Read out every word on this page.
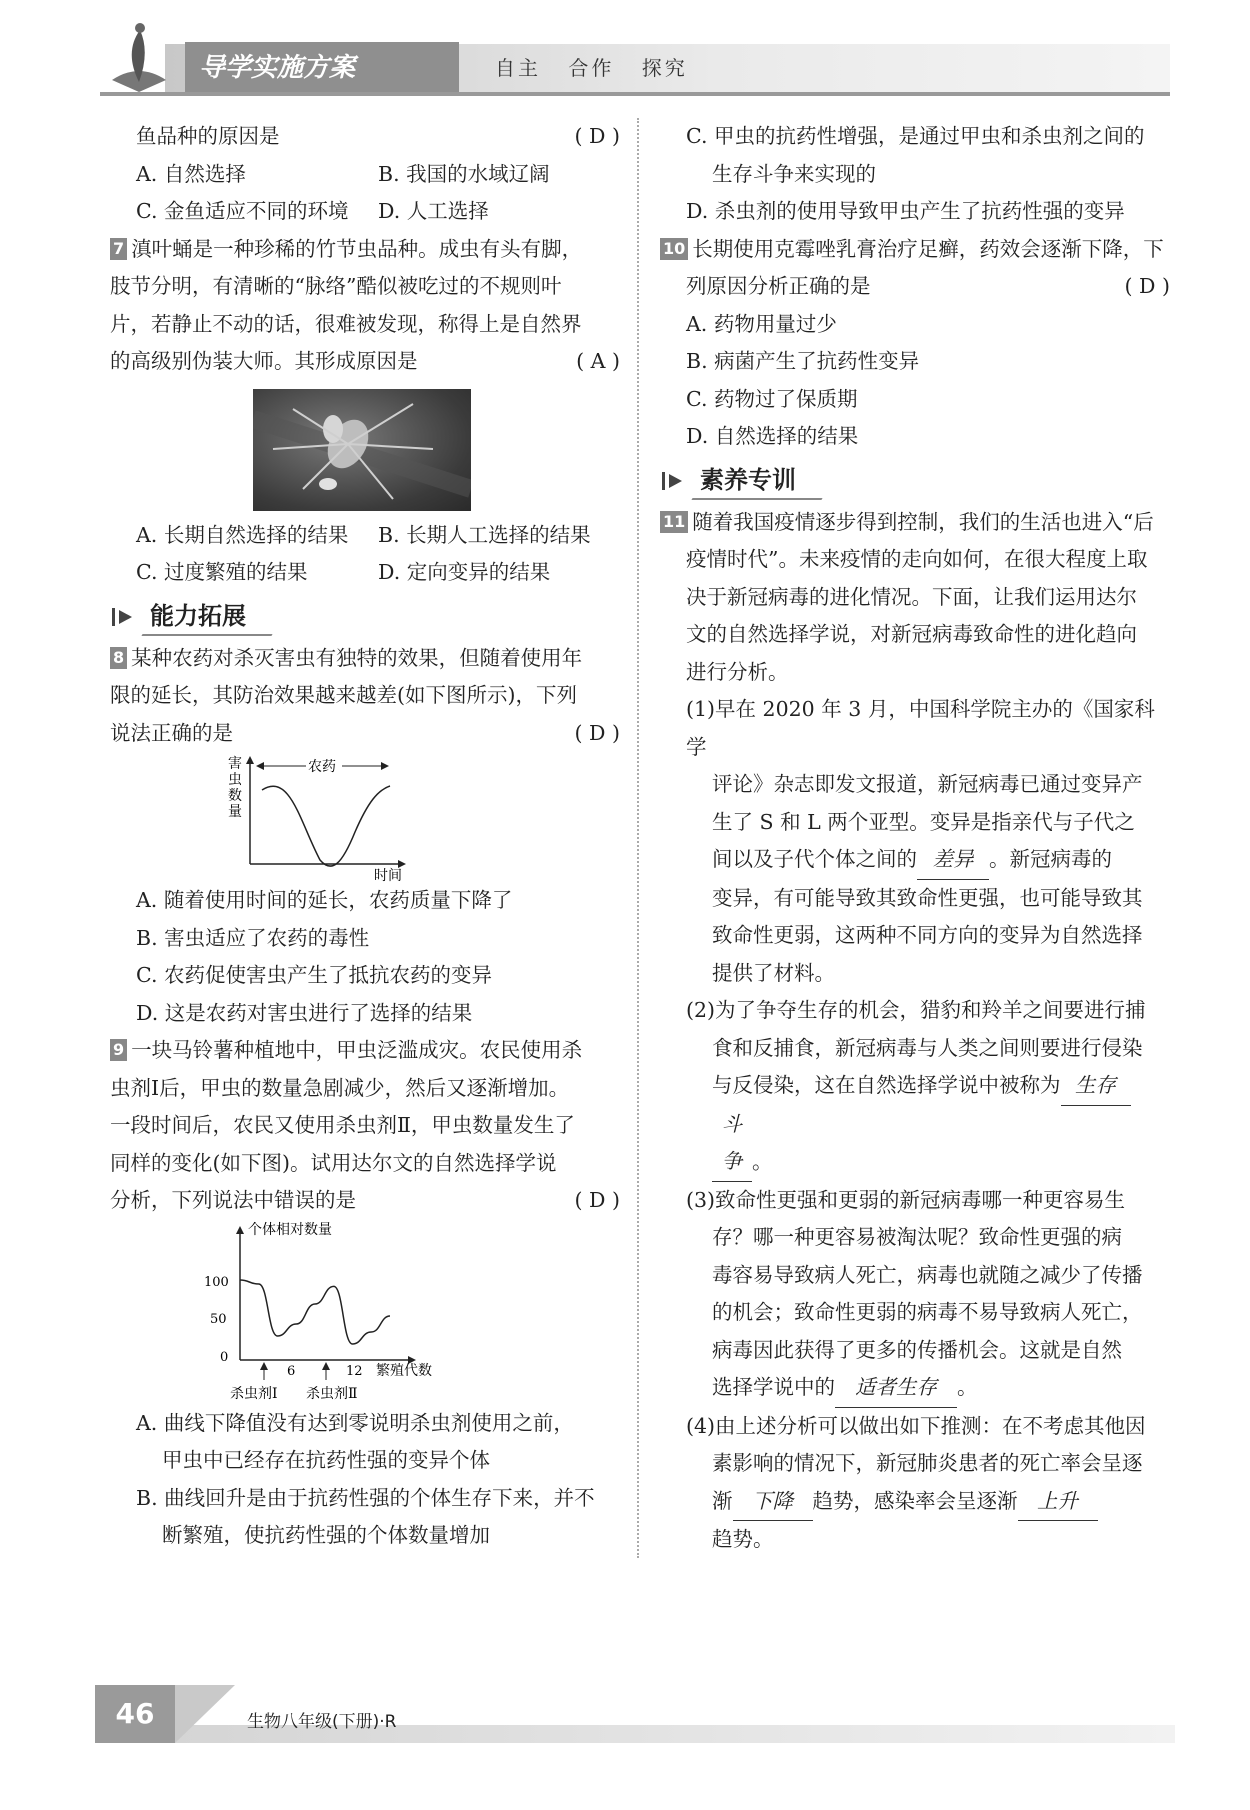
导学实施方案	自主 合作 探究
鱼品种的原因是	( D )
A. 自然选择	B. 我国的水域辽阔
C. 金鱼适应不同的环境	D. 人工选择
7 滇叶蛹是一种珍稀的竹节虫品种。成虫有头有脚，
肢节分明，有清晰的“脉络”酷似被吃过的不规则叶
片，若静止不动的话，很难被发现，称得上是自然界
的高级别伪装大师。其形成原因是	( A )
A. 长期自然选择的结果	B. 长期人工选择的结果
C. 过度繁殖的结果	D. 定向变异的结果
能力拓展
8 某种农药对杀灭害虫有独特的效果，但随着使用年
限的延长，其防治效果越来越差(如下图所示)，下列
说法正确的是	( D )
害
虫
数
量
农药
时间
A. 随着使用时间的延长，农药质量下降了
B. 害虫适应了农药的毒性
C. 农药促使害虫产生了抵抗农药的变异
D. 这是农药对害虫进行了选择的结果
9 一块马铃薯种植地中，甲虫泛滥成灾。农民使用杀
虫剂Ⅰ后，甲虫的数量急剧减少，然后又逐渐增加。
一段时间后，农民又使用杀虫剂Ⅱ，甲虫数量发生了
同样的变化(如下图)。试用达尔文的自然选择学说
分析，下列说法中错误的是	( D )
个体相对数量
100
50
0
6	12 繁殖代数
杀虫剂Ⅰ 杀虫剂Ⅱ
A. 曲线下降值没有达到零说明杀虫剂使用之前，
甲虫中已经存在抗药性强的变异个体
B. 曲线回升是由于抗药性强的个体生存下来，并不
断繁殖，使抗药性强的个体数量增加
C. 甲虫的抗药性增强，是通过甲虫和杀虫剂之间的
生存斗争来实现的
D. 杀虫剂的使用导致甲虫产生了抗药性强的变异
10 长期使用克霉唑乳膏治疗足癣，药效会逐渐下降，下
列原因分析正确的是	( D )
A. 药物用量过少
B. 病菌产生了抗药性变异
C. 药物过了保质期
D. 自然选择的结果
素养专训
11 随着我国疫情逐步得到控制，我们的生活也进入“后
疫情时代”。未来疫情的走向如何，在很大程度上取
决于新冠病毒的进化情况。下面，让我们运用达尔
文的自然选择学说，对新冠病毒致命性的进化趋向
进行分析。
(1)早在 2020 年 3 月，中国科学院主办的《国家科学
评论》杂志即发文报道，新冠病毒已通过变异产
生了 S 和 L 两个亚型。变异是指亲代与子代之
间以及子代个体之间的 差异 。新冠病毒的
变异，有可能导致其致命性更强，也可能导致其
致命性更弱，这两种不同方向的变异为自然选择
提供了材料。
(2)为了争夺生存的机会，猎豹和羚羊之间要进行捕
食和反捕食，新冠病毒与人类之间则要进行侵染
与反侵染，这在自然选择学说中被称为 生存
斗争 。
(3)致命性更强和更弱的新冠病毒哪一种更容易生
存？哪一种更容易被淘汰呢？致命性更强的病
毒容易导致病人死亡，病毒也就随之减少了传播
的机会；致命性更弱的病毒不易导致病人死亡，
病毒因此获得了更多的传播机会。这就是自然
选择学说中的 适者生存 。
(4)由上述分析可以做出如下推测：在不考虑其他因
素影响的情况下，新冠肺炎患者的死亡率会呈逐
渐 下降 趋势，感染率会呈逐渐 上升
趋势。
46	生物八年级(下册)·R
